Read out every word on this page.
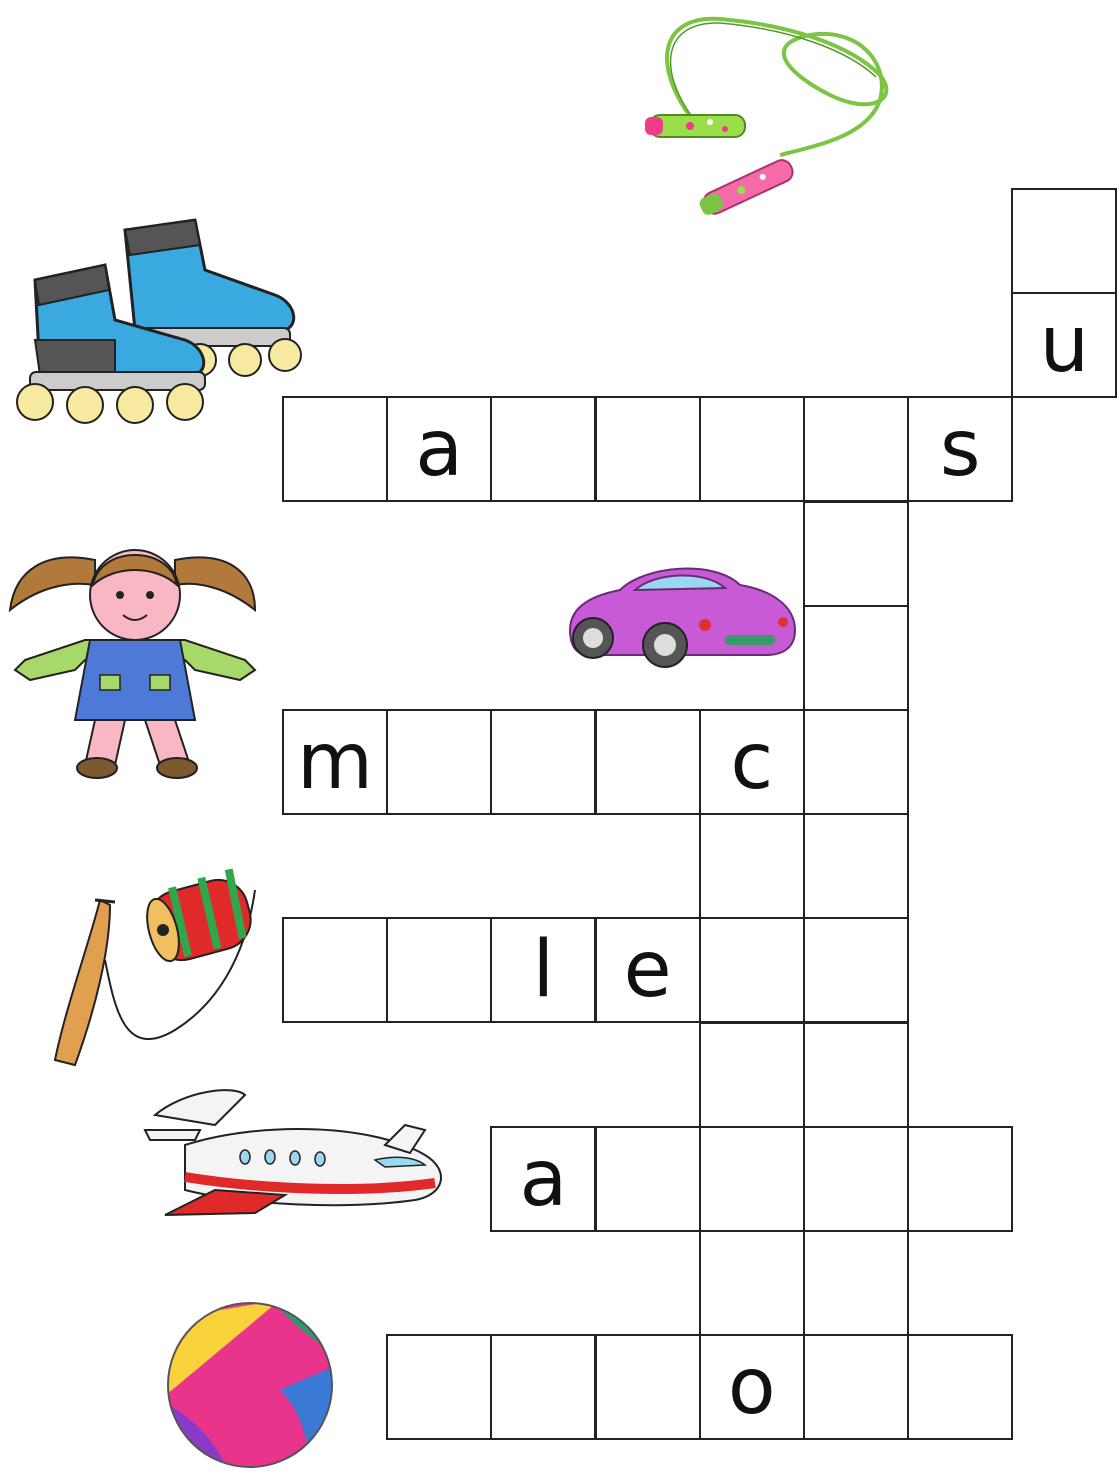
u
a	s
m	c
l e
a
o
